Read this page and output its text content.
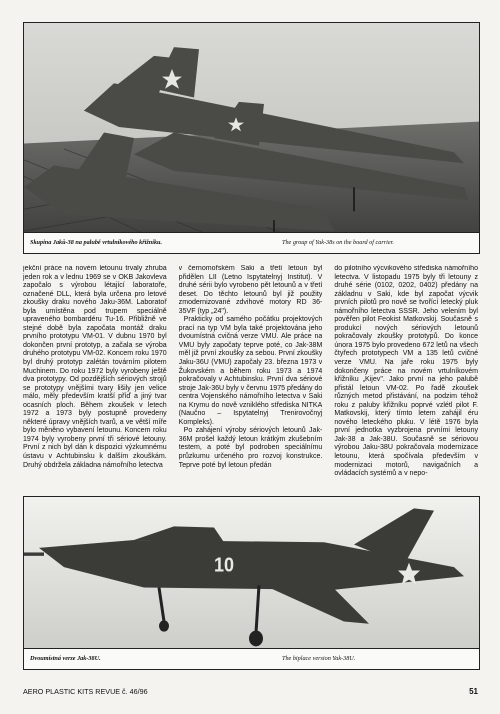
Skupina Jaků-38 na palubě vrtulníkového křižníku.	The group of Yak-38s on the board of carrier.

jekční práce na novém letounu trvaly zhruba jeden rok a v lednu 1969 se v OKB Jakovleva započalo s výrobou létající laboratoře, označené DLL, která byla určena pro letové zkoušky draku nového Jaku-36M. Laboratoř byla umístěna pod trupem speciálně upraveného bombardéru Tu-16. Přibližně ve stejné době byla započata montáž draku prvního prototypu VM-01. V dubnu 1970 byl dokončen první prototyp, a začala se výroba druhého prototypu VM-02. Koncem roku 1970 byl druhý prototyp zalétán továrním pilotem Muchinem. Do roku 1972 byly vyrobeny ještě dva prototypy. Od pozdějších sériových strojů se prototypy vnějšími tvary lišily jen velice málo, měly především kratší příď a jiný tvar ocasních ploch. Během zkoušek v letech 1972 a 1973 byly postupně provedeny některé úpravy vnějších tvarů, a ve větší míře bylo měněno vybavení letounu. Koncem roku 1974 byly vyrobeny první tři sériové letouny. První z nich byl dán k dispozici výzkumnému ústavu v Achtubinsku k dalším zkouškám. Druhý obdržela základna námořního letectva

v černomořském Saki a třetí letoun byl přidělen LII (Letno Ispytatelnyj Institut). V druhé sérii bylo vyrobeno pět letounů a v třetí deset. Do těchto letounů byl již použity zmodernizované zdvihové motory RD 36-35VF (typ „24").

Prakticky od samého počátku projektových prací na typ VM byla také projektována jeho dvoumístná cvičná verze VMU. Ale práce na VMU byly započaty teprve poté, co Jak-38M měl již první zkoušky za sebou. První zkoušky Jaku-36U (VMU) započaly 23. března 1973 v Žukovském a během roku 1973 a 1974 pokračovaly v Achtubinsku. První dva sériové stroje Jak-36U byly v červnu 1975 předány do centra Vojenského námořního letectva v Saki na Krymu do nově vzniklého střediska NITKA (Naučno – Ispytatelnyj Trenirovočnyj Kompleks).

Po zahájení výroby sériových letounů Jak-36M prošel každý letoun krátkým zkušebním testem, a poté byl podroben speciálnímu průzkumu určeného pro rozvoj konstrukce. Teprve poté byl letoun předán

do pilotního výcvikového střediska námořního letectva. V listopadu 1975 byly tři letouny z druhé série (0102, 0202, 0402) předány na základnu v Saki, kde byl započat výcvik prvních pilotů pro nově se tvořící letecký pluk námořního letectva SSSR. Jeho velením byl pověřen pilot Feokist Matkovskij. Současně s produkcí nových sériových letounů pokračovaly zkoušky prototypů. Do konce února 1975 bylo provedeno 672 letů na všech čtyřech prototypech VM a 135 letů cvičné verze VMU. Na jaře roku 1975 byly dokončeny práce na novém vrtulníkovém křižníku „Kijev". Jako první na jeho palubě přistál letoun VM-02. Po řadě zkoušek různých metod přistávání, na podzim téhož roku z paluby křižníku poprvé vzlétl pilot F. Matkovskij, který tímto letem zahájil éru nového leteckého pluku. V létě 1976 byla první jednotka vyzbrojena prvními letouny Jak-38 a Jak-38U. Současně se sériovou výrobou Jaku-38U pokračovala modernizace letounu, která spočívala především v modernizaci motorů, navigačních a ovládacích systémů a v nepo-

10
Dvoumístná verze Jak-38U.	The biplace version Yak-38U.
AERO PLASTIC KITS REVUE č. 46/96	51
